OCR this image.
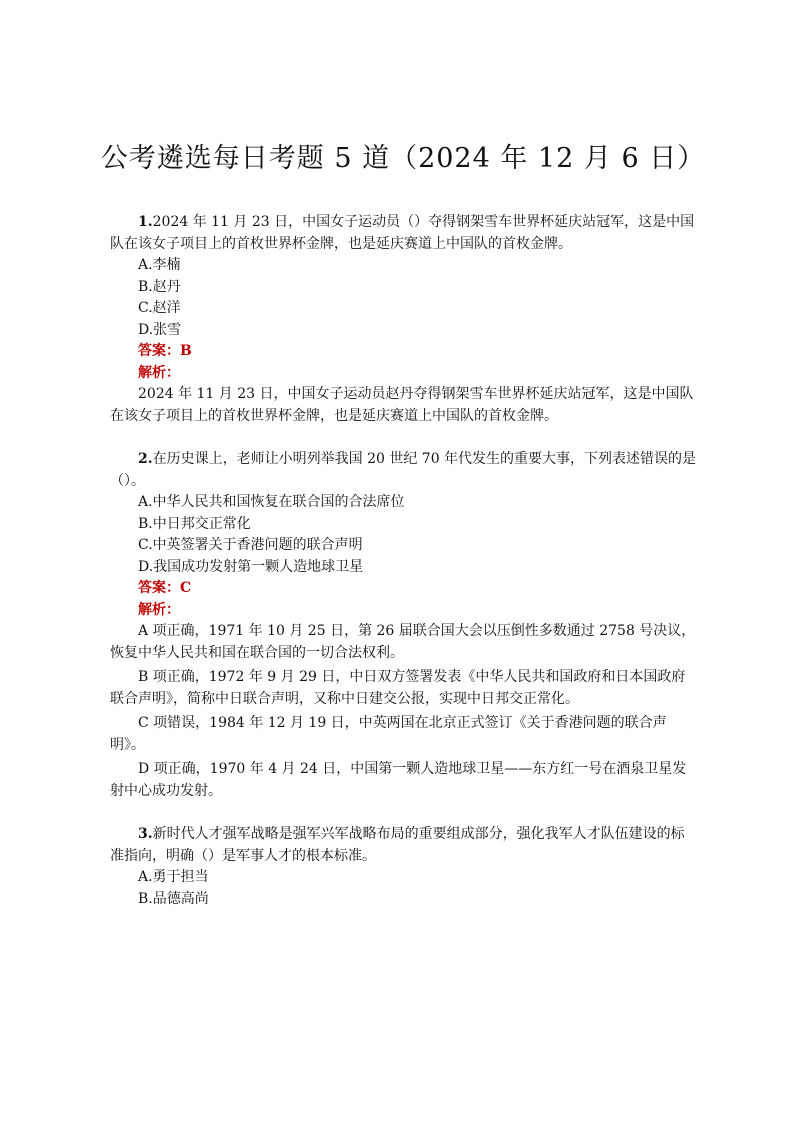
公考遴选每日考题 5 道（2024 年 12 月 6 日）

1.2024 年 11 月 23 日，中国女子运动员（）夺得钢架雪车世界杯延庆站冠军，这是中国队在该女子项目上的首枚世界杯金牌，也是延庆赛道上中国队的首枚金牌。

A.李楠

B.赵丹

C.赵洋

D.张雪

答案：B

解析：

2024 年 11 月 23 日，中国女子运动员赵丹夺得钢架雪车世界杯延庆站冠军，这是中国队在该女子项目上的首枚世界杯金牌，也是延庆赛道上中国队的首枚金牌。

2.在历史课上，老师让小明列举我国 20 世纪 70 年代发生的重要大事，下列表述错误的是（）。

A.中华人民共和国恢复在联合国的合法席位

B.中日邦交正常化

C.中英签署关于香港问题的联合声明

D.我国成功发射第一颗人造地球卫星

答案：C

解析：

A 项正确，1971 年 10 月 25 日，第 26 届联合国大会以压倒性多数通过 2758 号决议，恢复中华人民共和国在联合国的一切合法权利。

B 项正确，1972 年 9 月 29 日，中日双方签署发表《中华人民共和国政府和日本国政府联合声明》，简称中日联合声明，又称中日建交公报，实现中日邦交正常化。

C 项错误，1984 年 12 月 19 日，中英两国在北京正式签订《关于香港问题的联合声明》。

D 项正确，1970 年 4 月 24 日，中国第一颗人造地球卫星——东方红一号在酒泉卫星发射中心成功发射。

3.新时代人才强军战略是强军兴军战略布局的重要组成部分，强化我军人才队伍建设的标准指向，明确（）是军事人才的根本标准。

A.勇于担当

B.品德高尚
